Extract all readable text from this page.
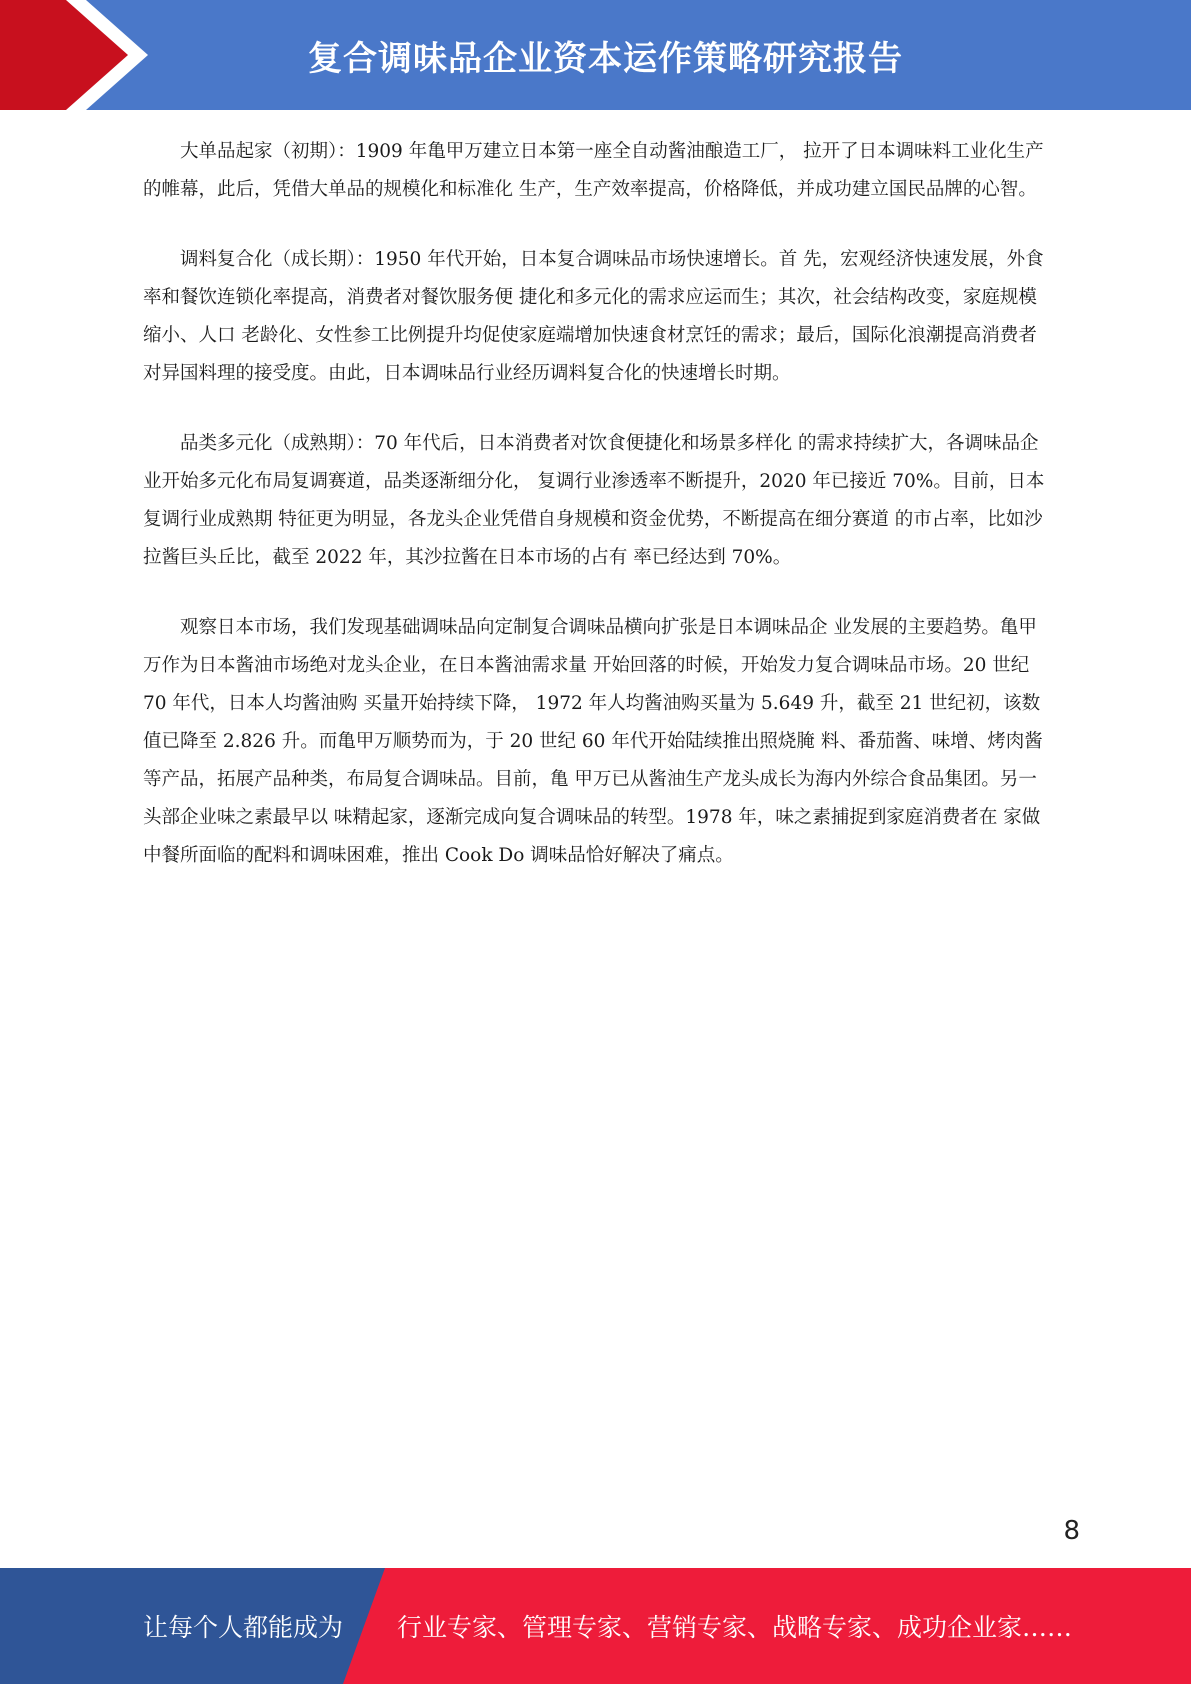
复合调味品企业资本运作策略研究报告

大单品起家（初期）：1909 年亀甲万建立日本第一座全自动酱油酿造工厂， 拉开了日本调味料工业化生产的帷幕，此后，凭借大单品的规模化和标准化 生产，生产效率提高，价格降低，并成功建立国民品牌的心智。

调料复合化（成长期）：1950 年代开始，日本复合调味品市场快速增长。首 先，宏观经济快速发展，外食率和餐饮连锁化率提高，消费者对餐饮服务便 捷化和多元化的需求应运而生；其次，社会结构改变，家庭规模缩小、人口 老龄化、女性参工比例提升均促使家庭端增加快速食材烹饪的需求；最后，国际化浪潮提高消费者对异国料理的接受度。由此，日本调味品行业经历调料复合化的快速增长时期。

品类多元化（成熟期）：70 年代后，日本消费者对饮食便捷化和场景多样化 的需求持续扩大，各调味品企业开始多元化布局复调赛道，品类逐渐细分化， 复调行业渗透率不断提升，2020 年已接近 70%。目前，日本复调行业成熟期 特征更为明显，各龙头企业凭借自身规模和资金优势，不断提高在细分赛道 的市占率，比如沙拉酱巨头丘比，截至 2022 年，其沙拉酱在日本市场的占有 率已经达到 70%。

观察日本市场，我们发现基础调味品向定制复合调味品横向扩张是日本调味品企 业发展的主要趋势。亀甲万作为日本酱油市场绝对龙头企业，在日本酱油需求量 开始回落的时候，开始发力复合调味品市场。20 世纪 70 年代，日本人均酱油购 买量开始持续下降， 1972 年人均酱油购买量为 5.649 升，截至 21 世纪初，该数 值已降至 2.826 升。而亀甲万顺势而为，于 20 世纪 60 年代开始陆续推出照烧腌 料、番茄酱、味增、烤肉酱等产品，拓展产品种类，布局复合调味品。目前，亀 甲万已从酱油生产龙头成长为海内外综合食品集团。另一头部企业味之素最早以 味精起家，逐渐完成向复合调味品的转型。1978 年，味之素捕捉到家庭消费者在 家做中餐所面临的配料和调味困难，推出 Cook Do 调味品恰好解决了痛点。

8
让每个人都能成为 行业专家、管理专家、营销专家、战略专家、成功企业家……
